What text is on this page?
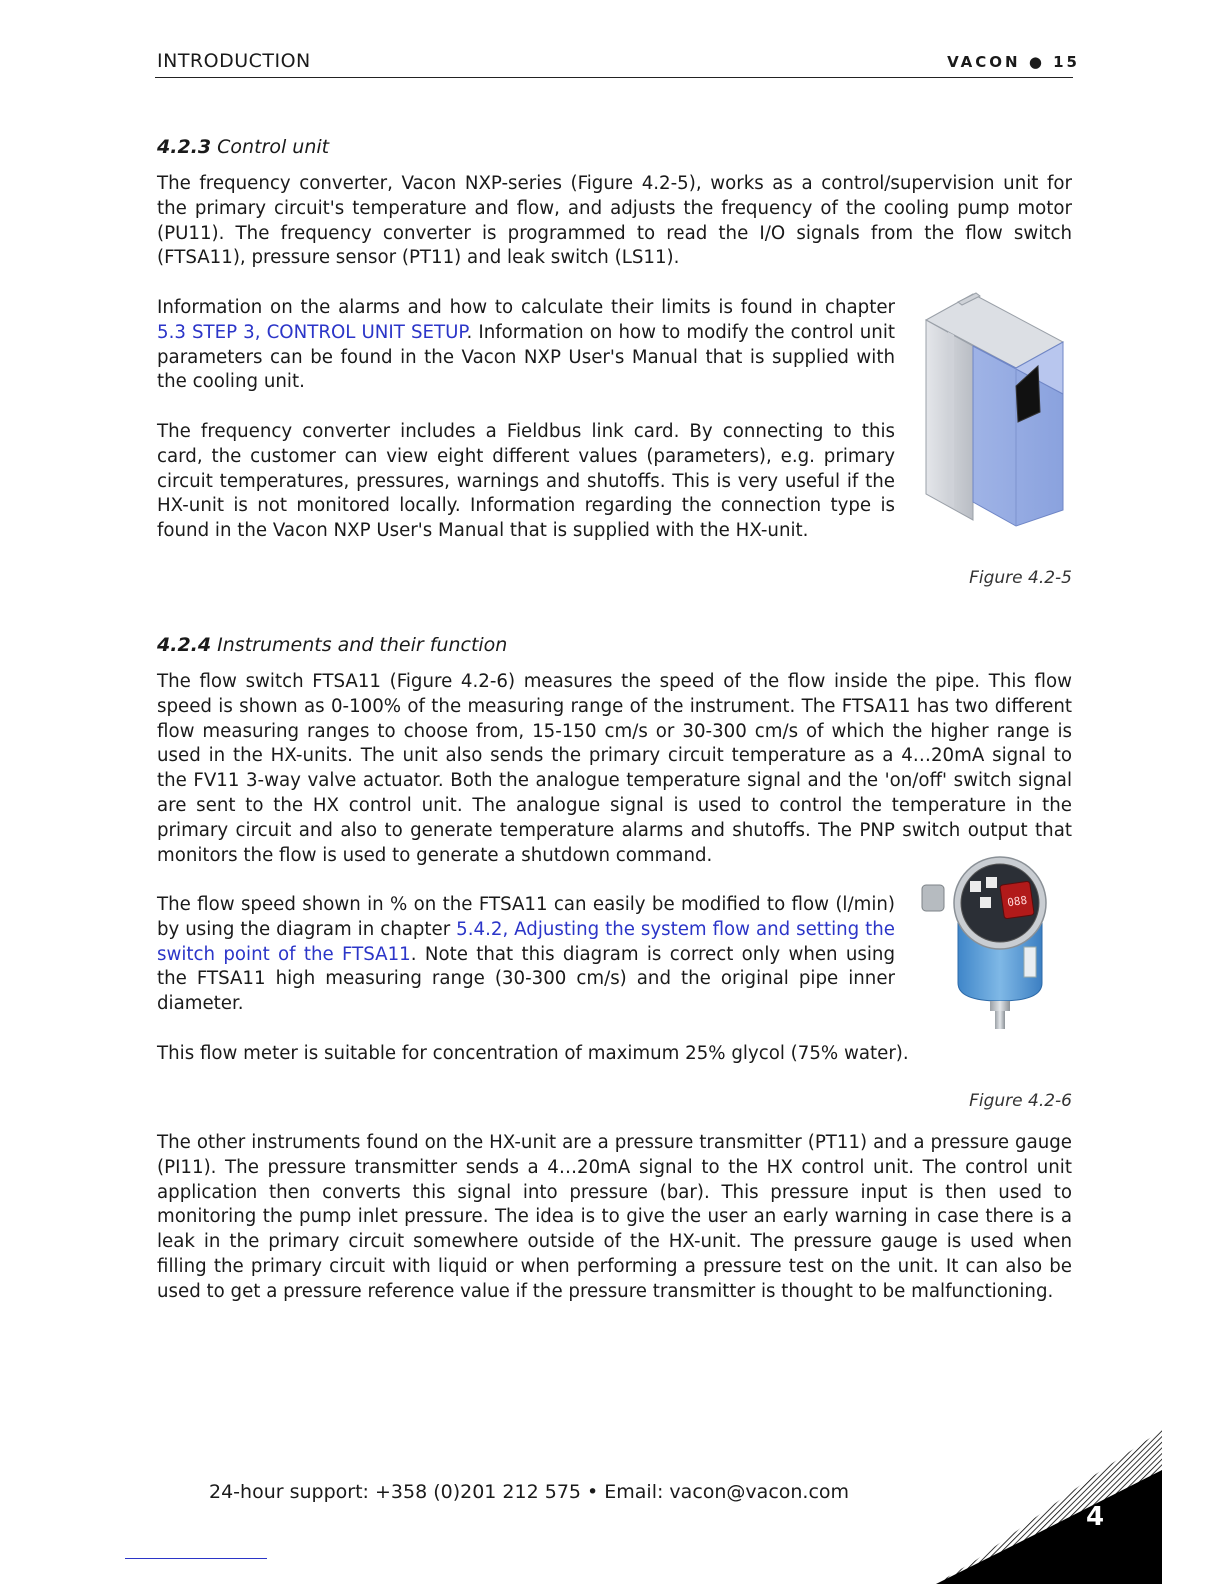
INTRODUCTION	VACON ● 15
4.2.3 Control unit

The frequency converter, Vacon NXP-series (Figure 4.2-5), works as a control/supervision unit for the primary circuit's temperature and flow, and adjusts the frequency of the cooling pump motor (PU11). The frequency converter is programmed to read the I/O signals from the flow switch (FTSA11), pressure sensor (PT11) and leak switch (LS11).

Information on the alarms and how to calculate their limits is found in chapter 5.3 STEP 3, CONTROL UNIT SETUP. Information on how to modify the control unit parameters can be found in the Vacon NXP User's Manual that is supplied with the cooling unit.

The frequency converter includes a Fieldbus link card. By connecting to this card, the customer can view eight different values (parameters), e.g. primary circuit temperatures, pressures, warnings and shutoffs. This is very useful if the HX-unit is not monitored locally. Information regarding the connection type is found in the Vacon NXP User's Manual that is supplied with the HX-unit.

Figure 4.2-5
4.2.4 Instruments and their function

The flow switch FTSA11 (Figure 4.2-6) measures the speed of the flow inside the pipe. This flow speed is shown as 0-100% of the measuring range of the instrument. The FTSA11 has two different flow measuring ranges to choose from, 15-150 cm/s or 30-300 cm/s of which the higher range is used in the HX-units. The unit also sends the primary circuit temperature as a 4…20mA signal to the FV11 3-way valve actuator. Both the analogue temperature signal and the 'on/off' switch signal are sent to the HX control unit. The analogue signal is used to control the temperature in the primary circuit and also to generate temperature alarms and shutoffs. The PNP switch output that monitors the flow is used to generate a shutdown command.

The flow speed shown in % on the FTSA11 can easily be modified to flow (l/min) by using the diagram in chapter 5.4.2, Adjusting the system flow and setting the switch point of the FTSA11. Note that this diagram is correct only when using the FTSA11 high measuring range (30-300 cm/s) and the original pipe inner diameter.

This flow meter is suitable for concentration of maximum 25% glycol (75% water).

088
Figure 4.2-6

The other instruments found on the HX-unit are a pressure transmitter (PT11) and a pressure gauge (PI11). The pressure transmitter sends a 4…20mA signal to the HX control unit. The control unit application then converts this signal into pressure (bar). This pressure input is then used to monitoring the pump inlet pressure. The idea is to give the user an early warning in case there is a leak in the primary circuit somewhere outside of the HX-unit. The pressure gauge is used when filling the primary circuit with liquid or when performing a pressure test on the unit. It can also be used to get a pressure reference value if the pressure transmitter is thought to be malfunctioning.

24-hour support: +358 (0)201 212 575 • Email: vacon@vacon.com
4
